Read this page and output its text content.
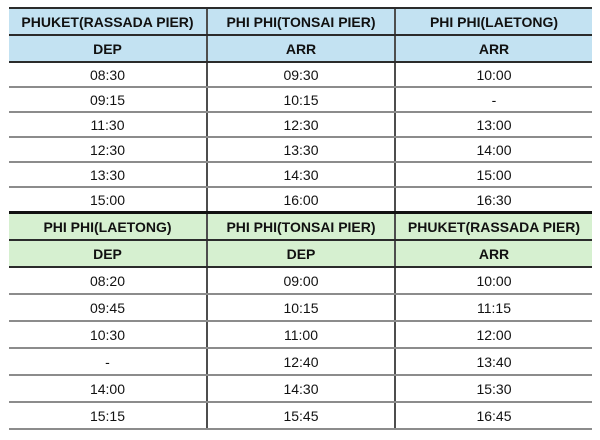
PHUKET(RASSADA PIER)	PHI PHI(TONSAI PIER)	PHI PHI(LAETONG)
DEP	ARR	ARR
08:30	09:30	10:00
09:15	10:15	-
11:30	12:30	13:00
12:30	13:30	14:00
13:30	14:30	15:00
15:00	16:00	16:30
PHI PHI(LAETONG)	PHI PHI(TONSAI PIER)	PHUKET(RASSADA PIER)
DEP	DEP	ARR
08:20	09:00	10:00
09:45	10:15	11:15
10:30	11:00	12:00
-	12:40	13:40
14:00	14:30	15:30
15:15	15:45	16:45
